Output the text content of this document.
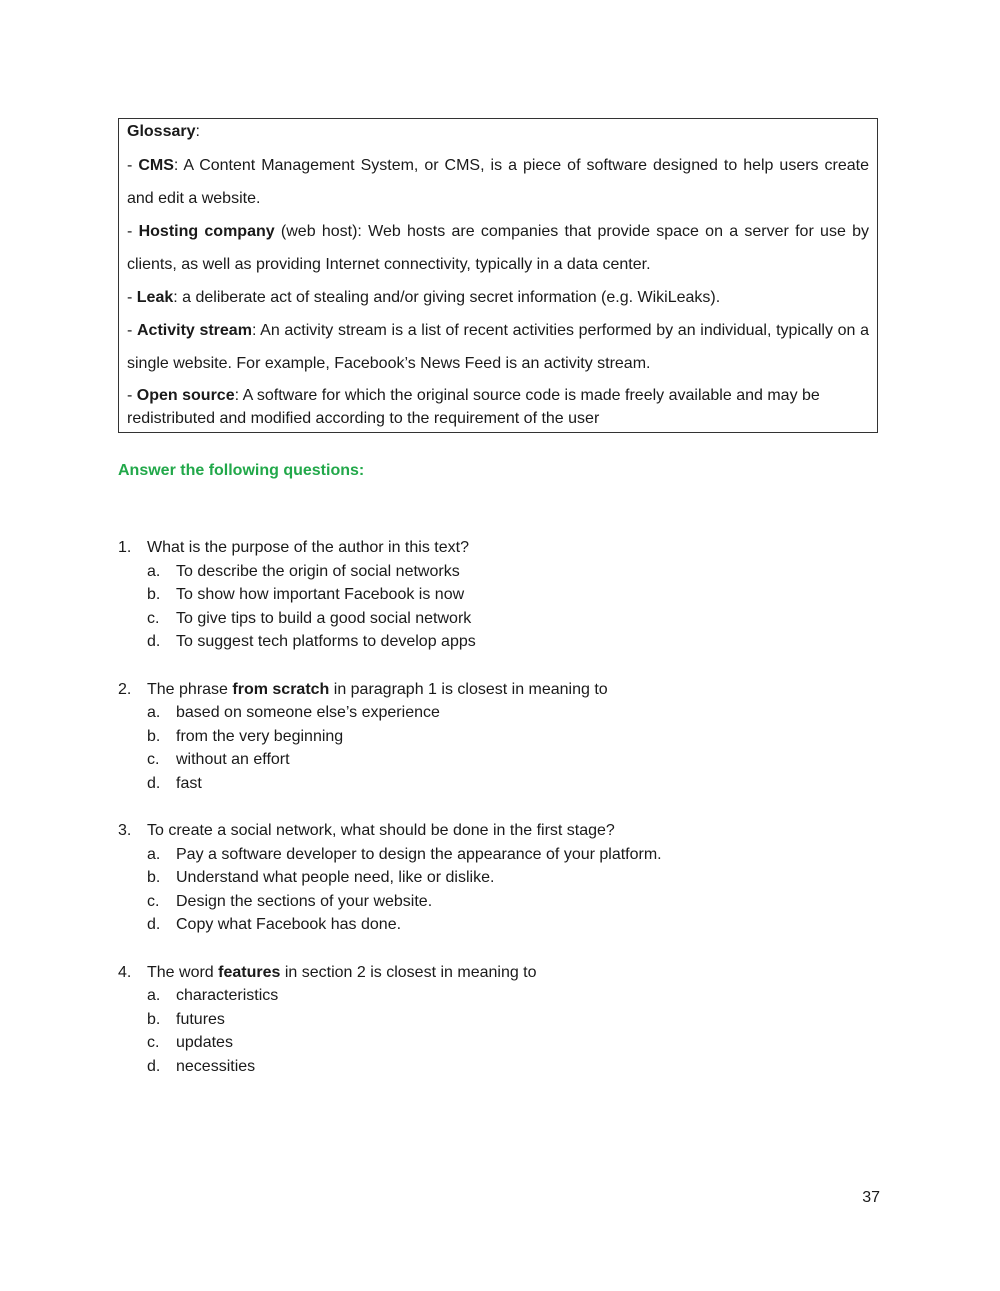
Glossary:

- CMS: A Content Management System, or CMS, is a piece of software designed to help users create and edit a website.

- Hosting company (web host): Web hosts are companies that provide space on a server for use by clients, as well as providing Internet connectivity, typically in a data center.

- Leak: a deliberate act of stealing and/or giving secret information (e.g. WikiLeaks).

- Activity stream: An activity stream is a list of recent activities performed by an individual, typically on a single website. For example, Facebook’s News Feed is an activity stream.

- Open source: A software for which the original source code is made freely available and may be redistributed and modified according to the requirement of the user

Answer the following questions:

1. What is the purpose of the author in this text?
a. To describe the origin of social networks
b. To show how important Facebook is now
c.	To give tips to build a good social network
d. To suggest tech platforms to develop apps
2. The phrase from scratch in paragraph 1 is closest in meaning to
a. based on someone else’s experience
b. from the very beginning
c.	without an effort
d. fast
3. To create a social network, what should be done in the first stage?
a. Pay a software developer to design the appearance of your platform.
b. Understand what people need, like or dislike.
c.	Design the sections of your website.
d. Copy what Facebook has done.
4. The word features in section 2 is closest in meaning to
a. characteristics
b. futures
c.	updates
d. necessities
37
